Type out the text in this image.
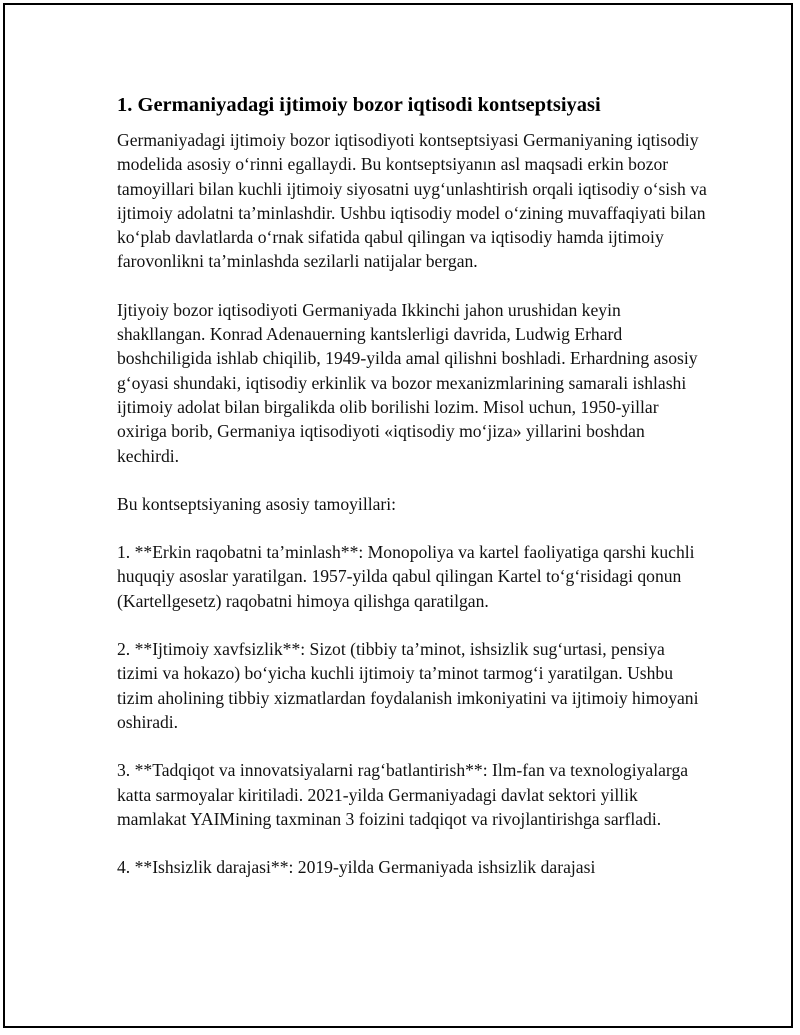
1. Germaniyadagi ijtimoiy bozor iqtisodi kontseptsiyasi

Germaniyadagi ijtimoiy bozor iqtisodiyoti kontseptsiyasi Germaniyaning iqtisodiy modelida asosiy o‘rinni egallaydi. Bu kontseptsiyanın asl maqsadi erkin bozor tamoyillari bilan kuchli ijtimoiy siyosatni uyg‘unlashtirish orqali iqtisodiy o‘sish va ijtimoiy adolatni ta’minlashdir. Ushbu iqtisodiy model o‘zining muvaffaqiyati bilan ko‘plab davlatlarda o‘rnak sifatida qabul qilingan va iqtisodiy hamda ijtimoiy farovonlikni ta’minlashda sezilarli natijalar bergan.

Ijtiyoiy bozor iqtisodiyoti Germaniyada Ikkinchi jahon urushidan keyin shakllangan. Konrad Adenauerning kantslerligi davrida, Ludwig Erhard boshchiligida ishlab chiqilib, 1949-yilda amal qilishni boshladi. Erhardning asosiy g‘oyasi shundaki, iqtisodiy erkinlik va bozor mexanizmlarining samarali ishlashi ijtimoiy adolat bilan birgalikda olib borilishi lozim. Misol uchun, 1950-yillar oxiriga borib, Germaniya iqtisodiyoti «iqtisodiy mo‘jiza» yillarini boshdan kechirdi.

Bu kontseptsiyaning asosiy tamoyillari:

1. **Erkin raqobatni ta’minlash**: Monopoliya va kartel faoliyatiga qarshi kuchli huquqiy asoslar yaratilgan. 1957-yilda qabul qilingan Kartel to‘g‘risidagi qonun (Kartellgesetz) raqobatni himoya qilishga qaratilgan.

2. **Ijtimoiy xavfsizlik**: Sizot (tibbiy ta’minot, ishsizlik sug‘urtasi, pensiya tizimi va hokazo) bo‘yicha kuchli ijtimoiy ta’minot tarmog‘i yaratilgan. Ushbu tizim aholining tibbiy xizmatlardan foydalanish imkoniyatini va ijtimoiy himoyani oshiradi.

3. **Tadqiqot va innovatsiyalarni rag‘batlantirish**: Ilm-fan va texnologiyalarga katta sarmoyalar kiritiladi. 2021-yilda Germaniyadagi davlat sektori yillik mamlakat YAIMining taxminan 3 foizini tadqiqot va rivojlantirishga sarfladi.

4. **Ishsizlik darajasi**: 2019-yilda Germaniyada ishsizlik darajasi
